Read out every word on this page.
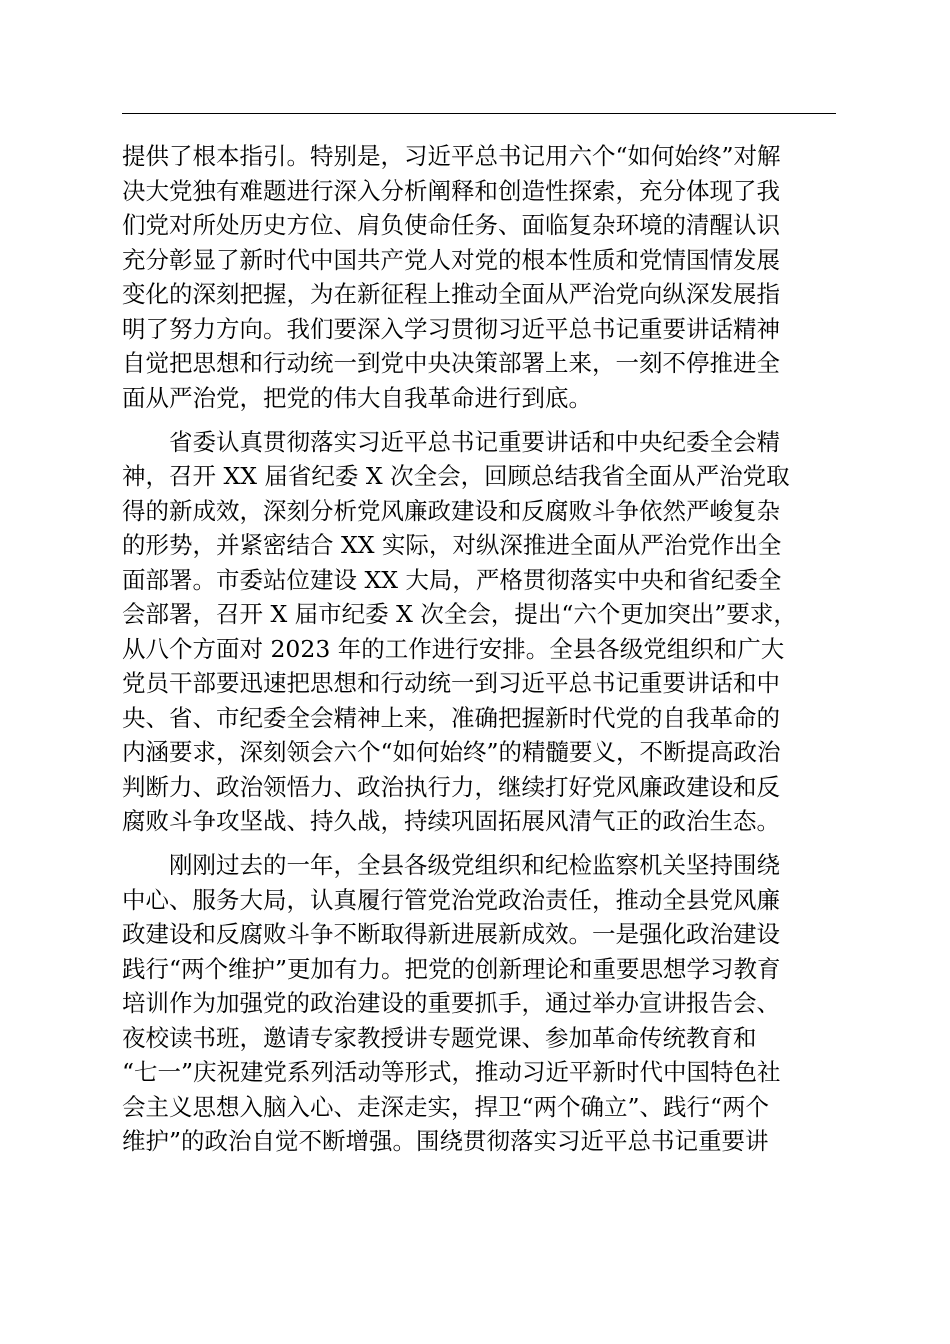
提供了根本指引。特别是，习近平总书记用六个“如何始终”对解
决大党独有难题进行深入分析阐释和创造性探索，充分体现了我
们党对所处历史方位、肩负使命任务、面临复杂环境的清醒认识
充分彰显了新时代中国共产党人对党的根本性质和党情国情发展
变化的深刻把握，为在新征程上推动全面从严治党向纵深发展指
明了努力方向。我们要深入学习贯彻习近平总书记重要讲话精神
自觉把思想和行动统一到党中央决策部署上来，一刻不停推进全
面从严治党，把党的伟大自我革命进行到底。

省委认真贯彻落实习近平总书记重要讲话和中央纪委全会精
神，召开 XX 届省纪委 X 次全会，回顾总结我省全面从严治党取
得的新成效，深刻分析党风廉政建设和反腐败斗争依然严峻复杂
的形势，并紧密结合 XX 实际，对纵深推进全面从严治党作出全
面部署。市委站位建设 XX 大局，严格贯彻落实中央和省纪委全
会部署，召开 X 届市纪委 X 次全会，提出“六个更加突出”要求，
从八个方面对 2023 年的工作进行安排。全县各级党组织和广大
党员干部要迅速把思想和行动统一到习近平总书记重要讲话和中
央、省、市纪委全会精神上来，准确把握新时代党的自我革命的
内涵要求，深刻领会六个“如何始终”的精髓要义，不断提高政治
判断力、政治领悟力、政治执行力，继续打好党风廉政建设和反
腐败斗争攻坚战、持久战，持续巩固拓展风清气正的政治生态。

刚刚过去的一年，全县各级党组织和纪检监察机关坚持围绕
中心、服务大局，认真履行管党治党政治责任，推动全县党风廉
政建设和反腐败斗争不断取得新进展新成效。一是强化政治建设
践行“两个维护”更加有力。把党的创新理论和重要思想学习教育
培训作为加强党的政治建设的重要抓手，通过举办宣讲报告会、
夜校读书班，邀请专家教授讲专题党课、参加革命传统教育和
“七一”庆祝建党系列活动等形式，推动习近平新时代中国特色社
会主义思想入脑入心、走深走实，捍卫“两个确立”、践行“两个
维护”的政治自觉不断增强。围绕贯彻落实习近平总书记重要讲
